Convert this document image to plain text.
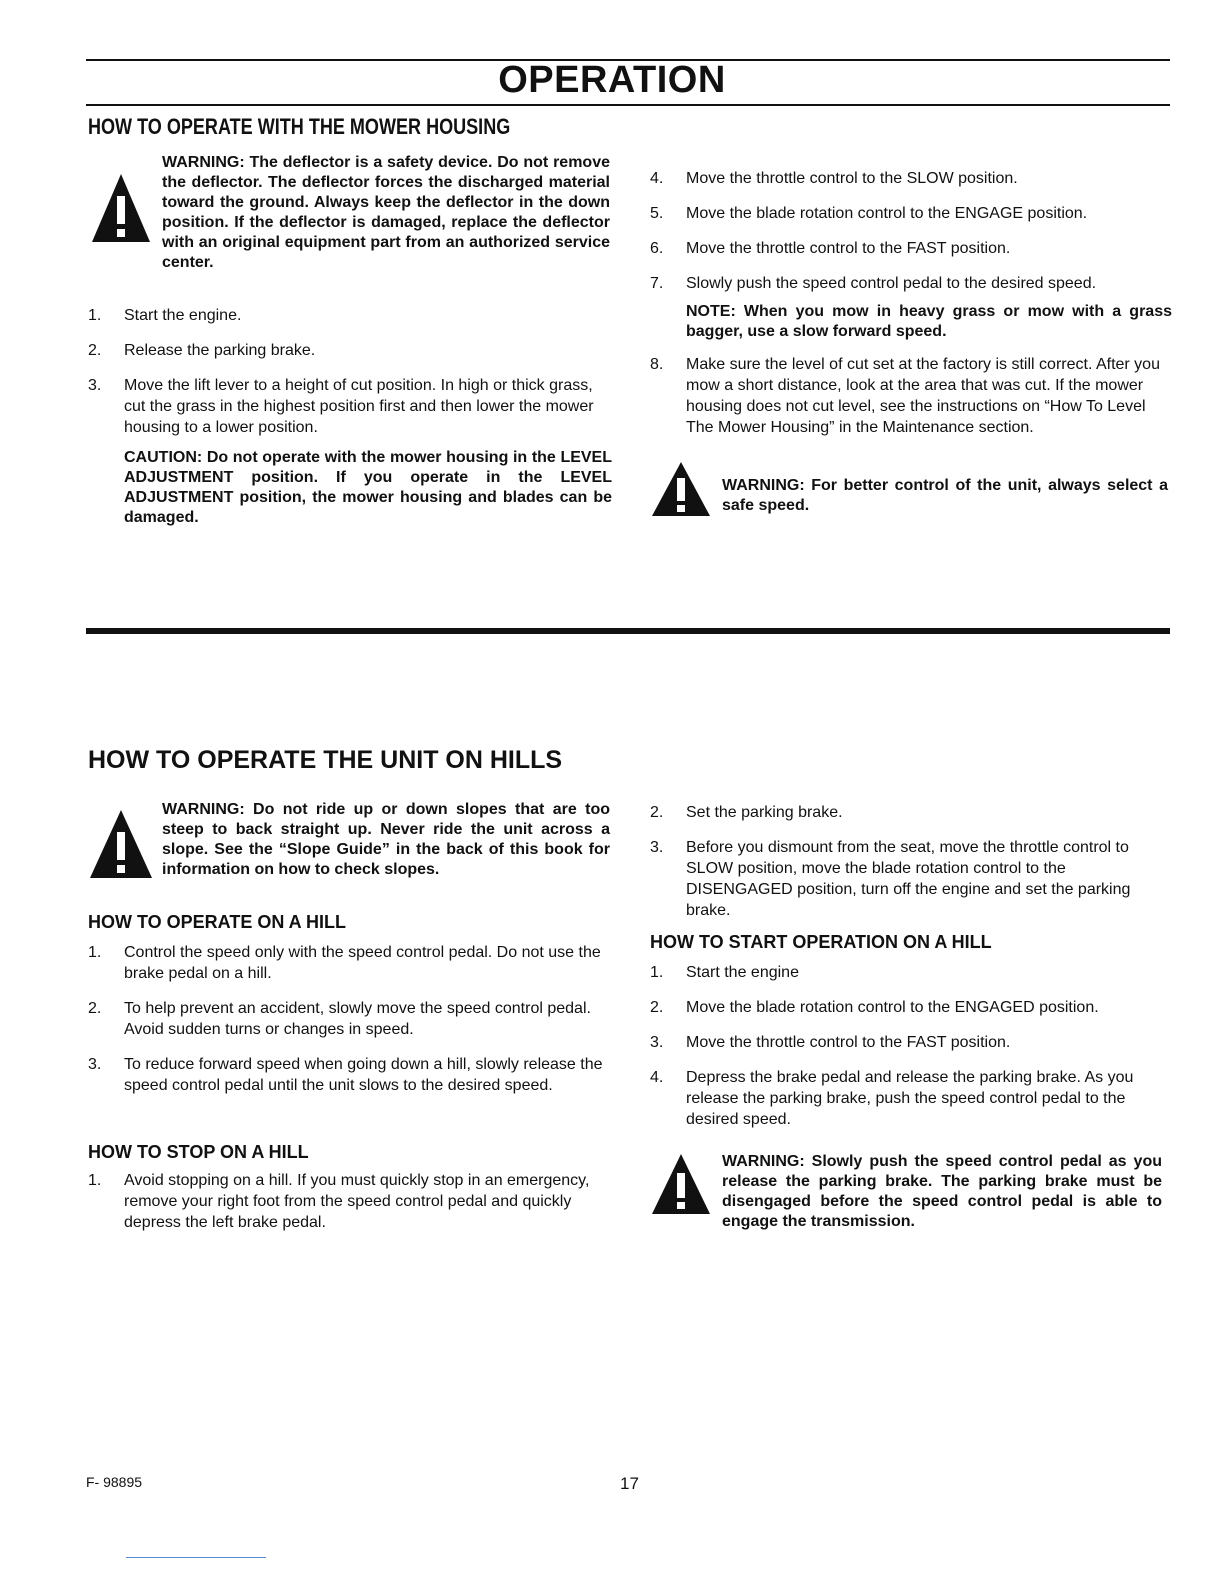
OPERATION
HOW TO OPERATE WITH THE MOWER HOUSING
WARNING: The deflector is a safety device. Do not remove the deflector. The deflector forces the discharged material toward the ground. Always keep the deflector in the down position. If the deflector is damaged, replace the deflector with an original equipment part from an authorized service center.
1. Start the engine.
2. Release the parking brake.
3. Move the lift lever to a height of cut position. In high or thick grass, cut the grass in the highest position first and then lower the mower housing to a lower position.
CAUTION: Do not operate with the mower housing in the LEVEL ADJUSTMENT position. If you operate in the LEVEL ADJUSTMENT position, the mower housing and blades can be damaged.
4. Move the throttle control to the SLOW position.
5. Move the blade rotation control to the ENGAGE position.
6. Move the throttle control to the FAST position.
7. Slowly push the speed control pedal to the desired speed.
NOTE: When you mow in heavy grass or mow with a grass bagger, use a slow forward speed.
8. Make sure the level of cut set at the factory is still correct. After you mow a short distance, look at the area that was cut. If the mower housing does not cut level, see the instructions on “How To Level The Mower Housing” in the Maintenance section.
WARNING: For better control of the unit, always select a safe speed.
HOW TO OPERATE THE UNIT ON HILLS
WARNING: Do not ride up or down slopes that are too steep to back straight up. Never ride the unit across a slope. See the “Slope Guide” in the back of this book for information on how to check slopes.
HOW TO OPERATE ON A HILL
1. Control the speed only with the speed control pedal. Do not use the brake pedal on a hill.
2. To help prevent an accident, slowly move the speed control pedal. Avoid sudden turns or changes in speed.
3. To reduce forward speed when going down a hill, slowly release the speed control pedal until the unit slows to the desired speed.
HOW TO STOP ON A HILL
1. Avoid stopping on a hill. If you must quickly stop in an emergency, remove your right foot from the speed control pedal and quickly depress the left brake pedal.
2. Set the parking brake.
3. Before you dismount from the seat, move the throttle control to SLOW position, move the blade rotation control to the DISENGAGED position, turn off the engine and set the parking brake.
HOW TO START OPERATION ON A HILL
1. Start the engine
2. Move the blade rotation control to the ENGAGED position.
3. Move the throttle control to the FAST position.
4. Depress the brake pedal and release the parking brake. As you release the parking brake, push the speed control pedal to the desired speed.
WARNING: Slowly push the speed control pedal as you release the parking brake. The parking brake must be disengaged before the speed control pedal is able to engage the transmission.
F- 98895	17
